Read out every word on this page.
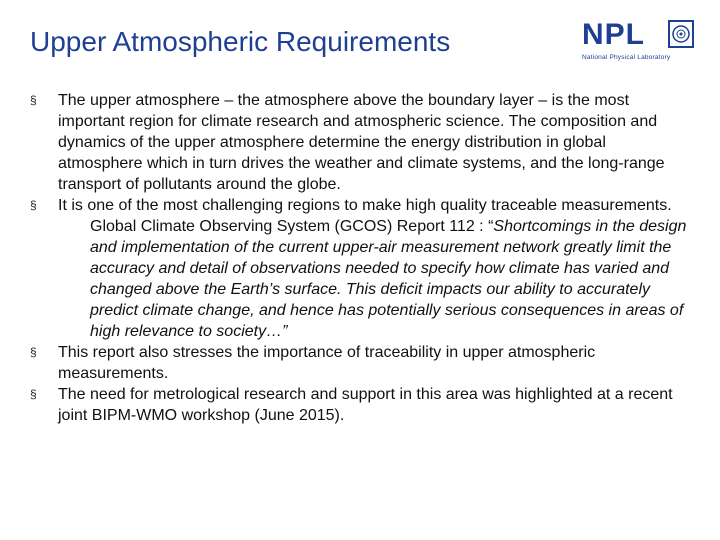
Upper Atmospheric Requirements	NPL
National Physical Laboratory
§ The upper atmosphere – the atmosphere above the boundary layer – is the most important region for climate research and atmospheric science. The composition and dynamics of the upper atmosphere determine the energy distribution in global atmosphere which in turn drives the weather and climate systems, and the long-range transport of pollutants around the globe.
§ It is one of the most challenging regions to make high quality traceable measurements.
Global Climate Observing System (GCOS) Report 112 : “Shortcomings in the design and implementation of the current upper-air measurement network greatly limit the accuracy and detail of observations needed to specify how climate has varied and changed above the Earth’s surface. This deficit impacts our ability to accurately predict climate change, and hence has potentially serious consequences in areas of high relevance to society…”
§ This report also stresses the importance of traceability in upper atmospheric measurements.
§ The need for metrological research and support in this area was highlighted at a recent joint BIPM-WMO workshop (June 2015).
